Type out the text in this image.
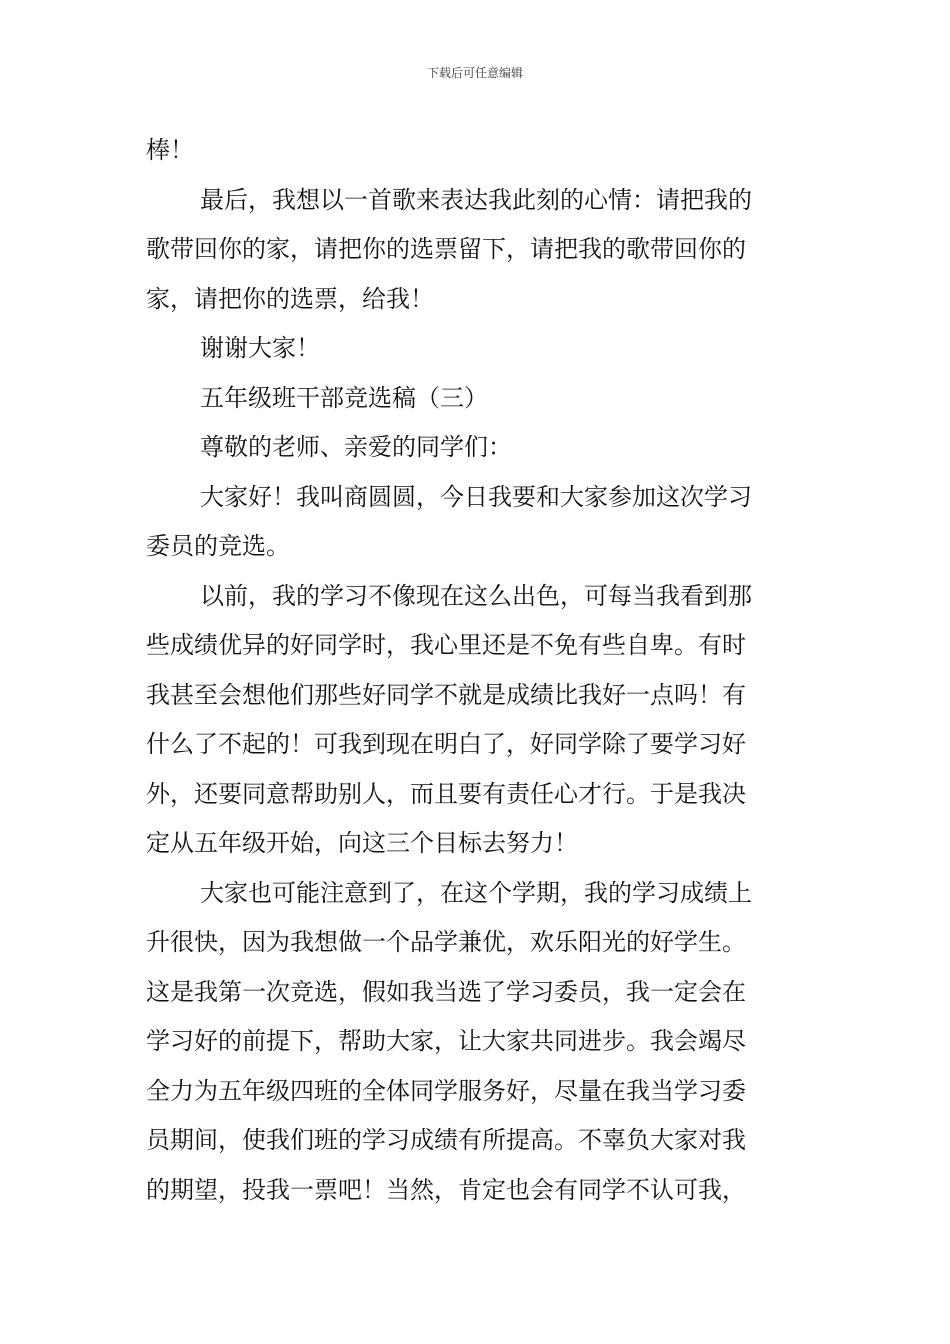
下载后可任意编辑
棒！
最后，我想以一首歌来表达我此刻的心情：请把我的
歌带回你的家，请把你的选票留下，请把我的歌带回你的
家，请把你的选票，给我！
谢谢大家！
五年级班干部竞选稿（三）
尊敬的老师、亲爱的同学们：
大家好！我叫商圆圆，今日我要和大家参加这次学习
委员的竞选。
以前，我的学习不像现在这么出色，可每当我看到那
些成绩优异的好同学时，我心里还是不免有些自卑。有时
我甚至会想他们那些好同学不就是成绩比我好一点吗！有
什么了不起的！可我到现在明白了，好同学除了要学习好
外，还要同意帮助别人，而且要有责任心才行。于是我决
定从五年级开始，向这三个目标去努力！
大家也可能注意到了，在这个学期，我的学习成绩上
升很快，因为我想做一个品学兼优，欢乐阳光的好学生。
这是我第一次竞选，假如我当选了学习委员，我一定会在
学习好的前提下，帮助大家，让大家共同进步。我会竭尽
全力为五年级四班的全体同学服务好，尽量在我当学习委
员期间，使我们班的学习成绩有所提高。不辜负大家对我
的期望，投我一票吧！当然，肯定也会有同学不认可我，
